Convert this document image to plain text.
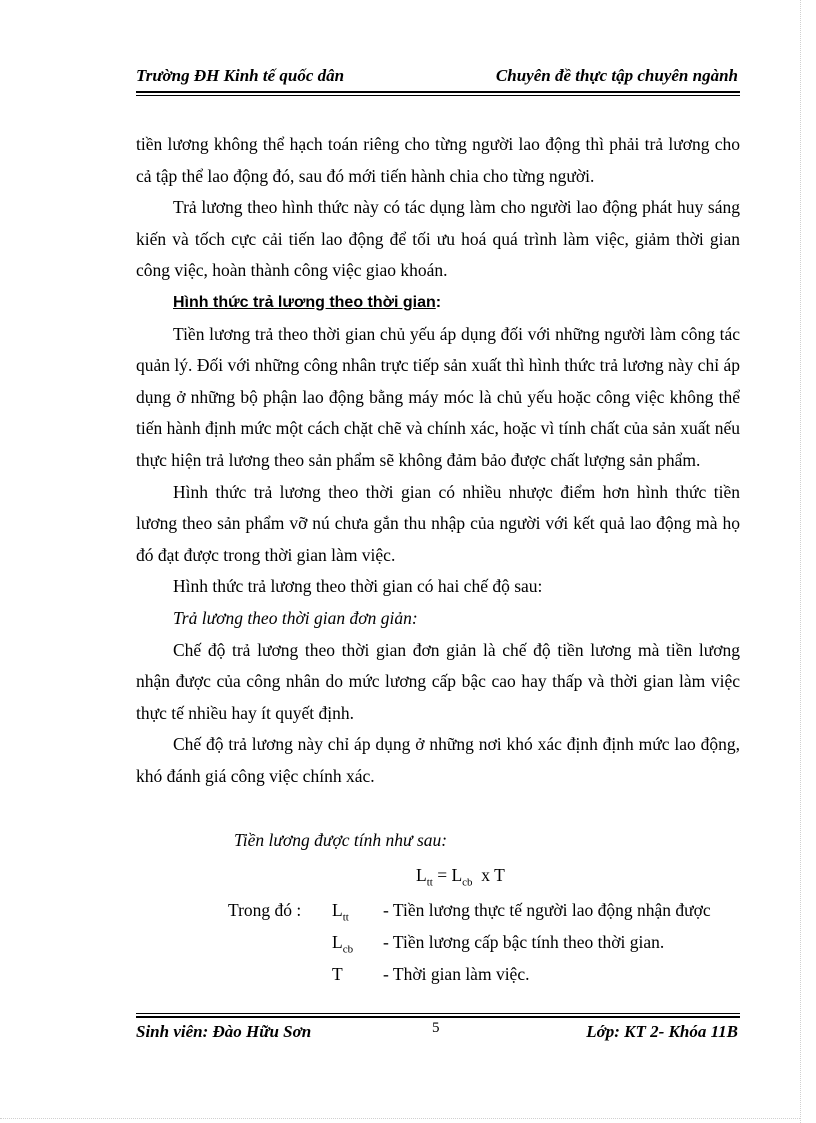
Trường ĐH Kinh tế quốc dân	Chuyên đề thực tập chuyên ngành

tiền lương không thể hạch toán riêng cho từng người lao động thì phải trả lương cho cả tập thể lao động đó, sau đó mới tiến hành chia cho từng người.

Trả lương theo hình thức này có tác dụng làm cho người lao động phát huy sáng kiến và tốch cực cải tiến lao động để tối ưu hoá quá trình làm việc, giảm thời gian công việc, hoàn thành công việc giao khoán.

Hình thức trả lương theo thời gian:

Tiền lương trả theo thời gian chủ yếu áp dụng đối với những người làm công tác quản lý. Đối với những công nhân trực tiếp sản xuất thì hình thức trả lương này chỉ áp dụng ở những bộ phận lao động bằng máy móc là chủ yếu hoặc công việc không thể tiến hành định mức một cách chặt chẽ và chính xác, hoặc vì tính chất của sản xuất nếu thực hiện trả lương theo sản phẩm sẽ không đảm bảo được chất lượng sản phẩm.

Hình thức trả lương theo thời gian có nhiều nhược điểm hơn hình thức tiền lương theo sản phẩm vỡ nú chưa gắn thu nhập của người với kết quả lao động mà họ đó đạt được trong thời gian làm việc.

Hình thức trả lương theo thời gian có hai chế độ sau:

Trả lương theo thời gian đơn giản:

Chế độ trả lương theo thời gian đơn giản là chế độ tiền lương mà tiền lương nhận được của công nhân do mức lương cấp bậc cao hay thấp và thời gian làm việc thực tế nhiều hay ít quyết định.

Chế độ trả lương này chỉ áp dụng ở những nơi khó xác định định mức lao động, khó đánh giá công việc chính xác.

Tiền lương được tính như sau:
$L_{tt} = L_{cb}$  x T
Trong đó : $L_{tt}$ - Tiền lương thực tế người lao động nhận được
$L_{cb}$ - Tiền lương cấp bậc tính theo thời gian.
T - Thời gian làm việc.
Sinh viên: Đào Hữu Sơn	5	Lớp: KT 2- Khóa 11B
